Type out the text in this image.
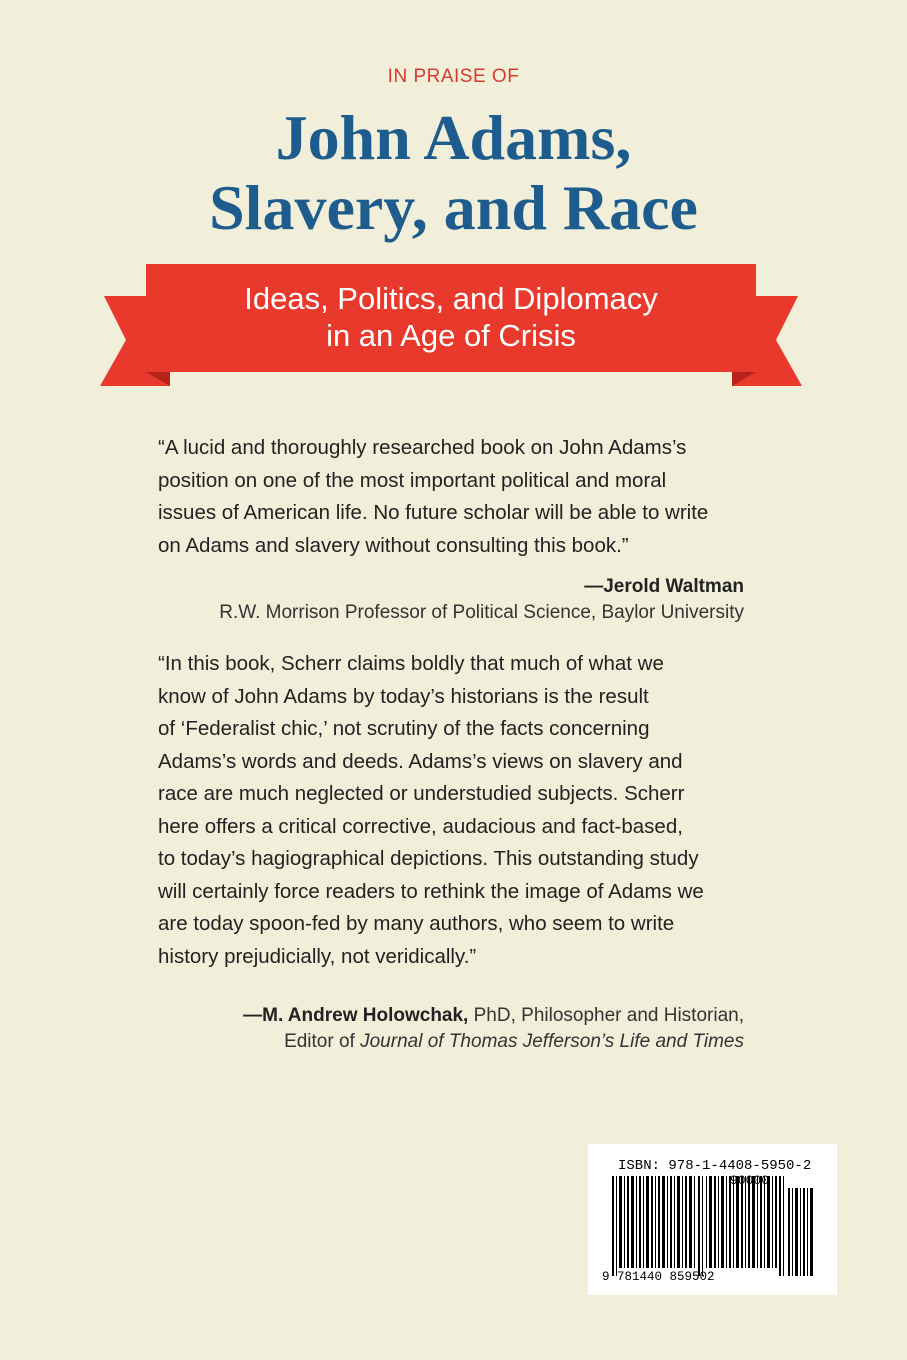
IN PRAISE OF
John Adams,
Slavery, and Race
Ideas, Politics, and Diplomacy
in an Age of Crisis

“A lucid and thoroughly researched book on John Adams’s

position on one of the most important political and moral

issues of American life. No future scholar will be able to write

on Adams and slavery without consulting this book.”

—Jerold Waltman
R.W. Morrison Professor of Political Science, Baylor University

“In this book, Scherr claims boldly that much of what we

know of John Adams by today’s historians is the result

of ‘Federalist chic,’ not scrutiny of the facts concerning

Adams’s words and deeds. Adams’s views on slavery and

race are much neglected or understudied subjects. Scherr

here offers a critical corrective, audacious and fact-based,

to today’s hagiographical depictions. This outstanding study

will certainly force readers to rethink the image of Adams we

are today spoon-fed by many authors, who seem to write

history prejudicially, not veridically.”

—M. Andrew Holowchak, PhD, Philosopher and Historian,
Editor of Journal of Thomas Jefferson’s Life and Times
ISBN: 978-1-4408-5950-2
9 781440 859502
